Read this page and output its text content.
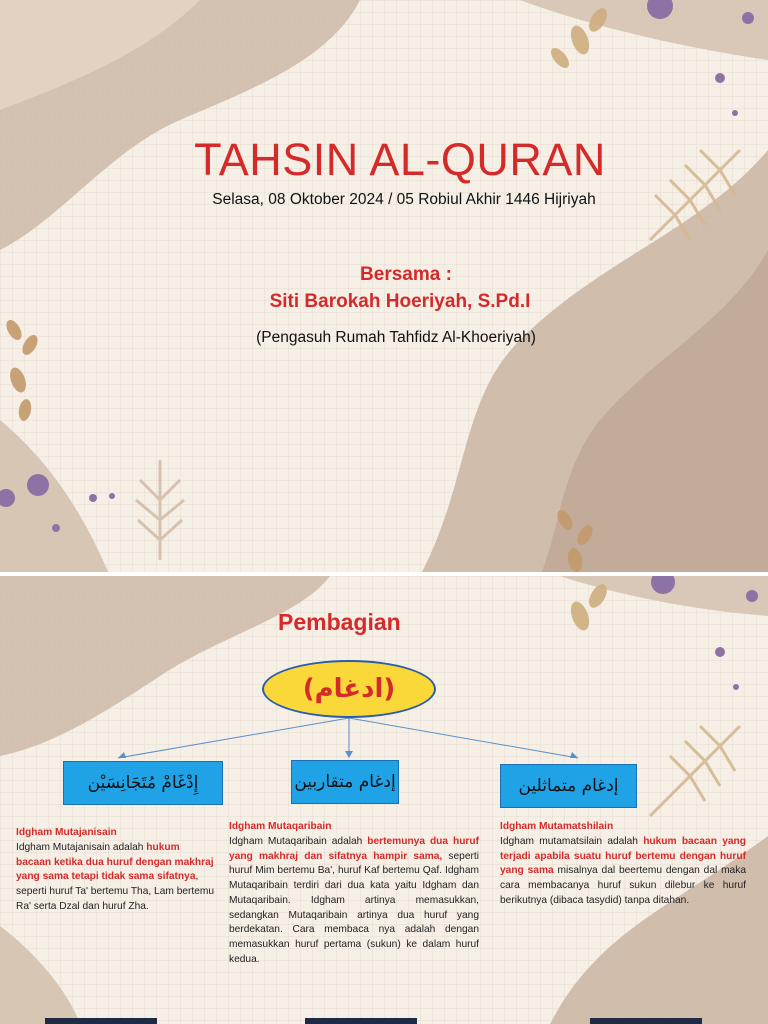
TAHSIN AL-QURAN
Selasa, 08 Oktober 2024 / 05 Robiul Akhir 1446 Hijriyah
Bersama :
Siti Barokah Hoeriyah, S.Pd.I
(Pengasuh Rumah Tahfidz Al-Khoeriyah)
Pembagian
(ادغام)
إِدْغَامْ مُتَجَانِسَيْن	إدغام متقاربين	إدغام متماثلين
Idgham Mutajanisain
Idgham Mutajanisain adalah hukum bacaan ketika dua huruf dengan makhraj yang sama tetapi tidak sama sifatnya, seperti huruf Ta' bertemu Tha, Lam bertemu Ra' serta Dzal dan huruf Zha.
Idgham Mutaqaribain
Idgham Mutaqaribain adalah bertemunya dua huruf yang makhraj dan sifatnya hampir sama, seperti huruf Mim bertemu Ba', huruf Kaf bertemu Qaf. Idgham Mutaqaribain terdiri dari dua kata yaitu Idgham dan Mutaqaribain. Idgham artinya memasukkan, sedangkan Mutaqaribain artinya dua huruf yang berdekatan. Cara membaca nya adalah dengan memasukkan huruf pertama (sukun) ke dalam huruf kedua.
Idgham Mutamatshilain
Idgham mutamatsilain adalah hukum bacaan yang terjadi apabila suatu huruf bertemu dengan huruf yang sama misalnya dal beertemu dengan dal maka cara membacanya huruf sukun dilebur ke huruf berikutnya (dibaca tasydid) tanpa ditahan.
